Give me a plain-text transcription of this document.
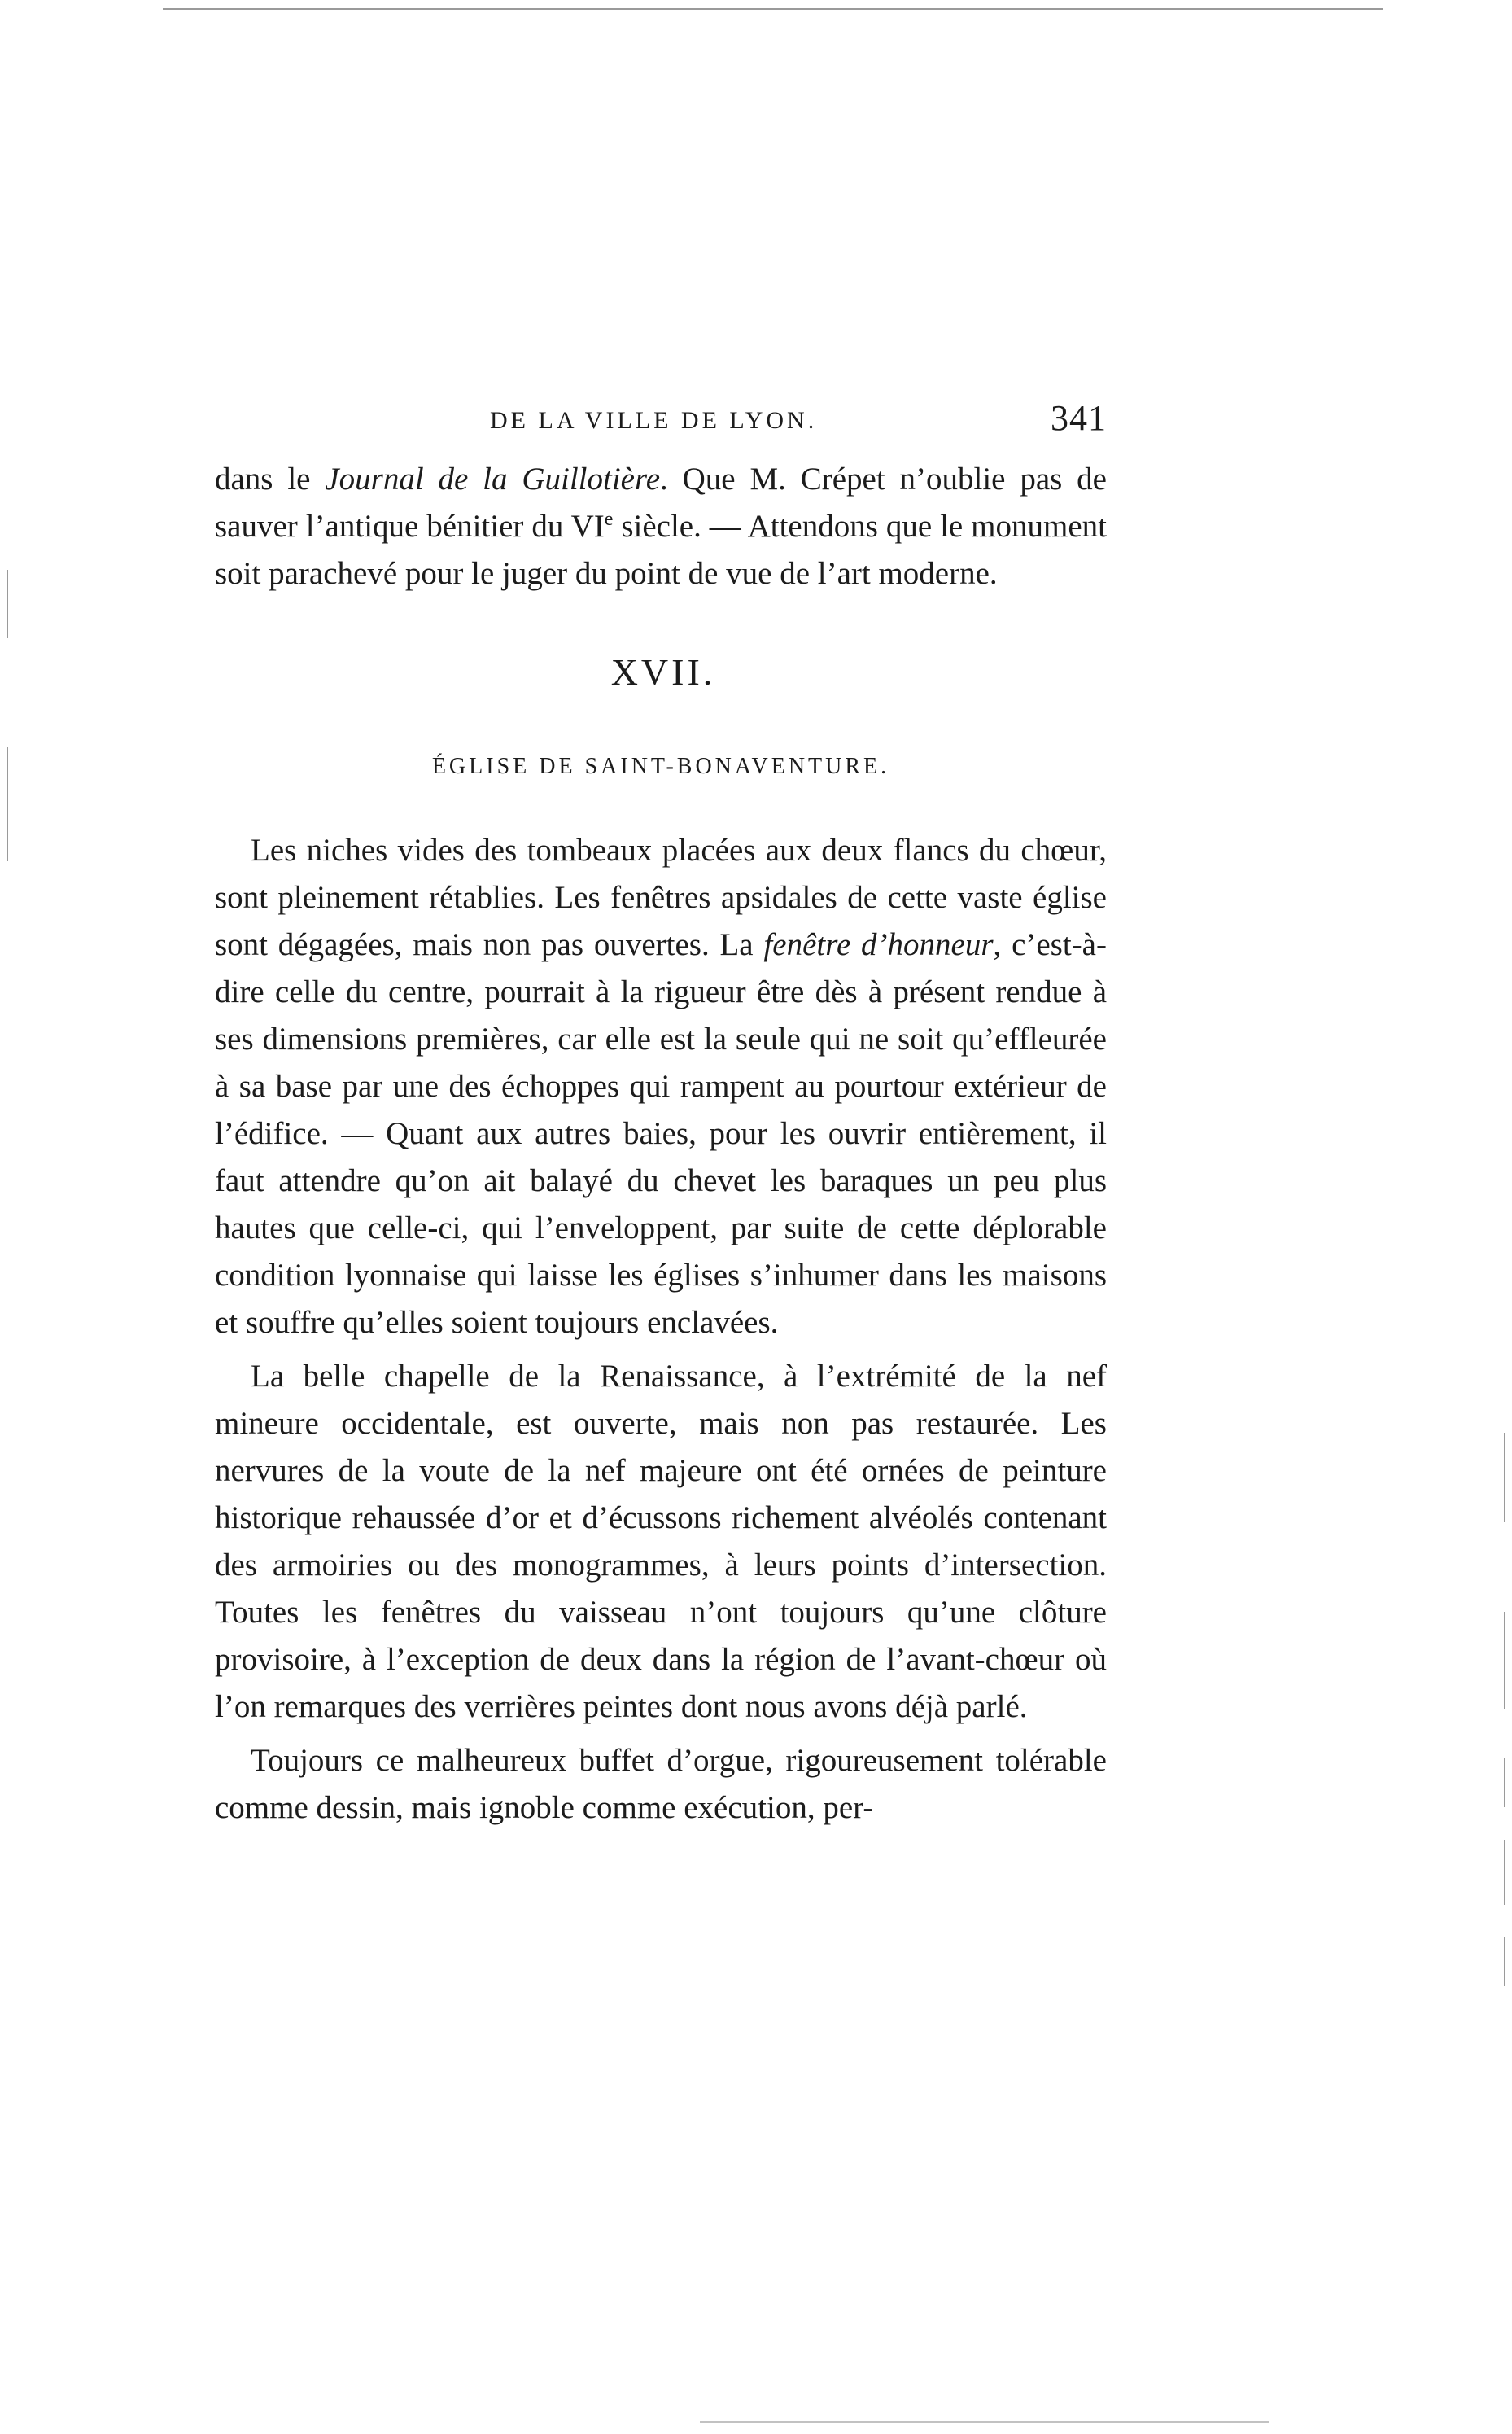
DE LA VILLE DE LYON.	341

dans le Journal de la Guillotière. Que M. Crépet n’oublie pas de sauver l’antique bénitier du VIe siècle. — Attendons que le monument soit parachevé pour le juger du point de vue de l’art moderne.

XVII.

ÉGLISE DE SAINT-BONAVENTURE.

Les niches vides des tombeaux placées aux deux flancs du chœur, sont pleinement rétablies. Les fenêtres apsidales de cette vaste église sont dégagées, mais non pas ouvertes. La fenêtre d’honneur, c’est-à-dire celle du centre, pourrait à la rigueur être dès à présent rendue à ses dimensions premières, car elle est la seule qui ne soit qu’effleurée à sa base par une des échoppes qui rampent au pourtour extérieur de l’édifice. — Quant aux autres baies, pour les ouvrir entièrement, il faut attendre qu’on ait balayé du chevet les baraques un peu plus hautes que celle-ci, qui l’enveloppent, par suite de cette déplorable condition lyonnaise qui laisse les églises s’inhumer dans les maisons et souffre qu’elles soient toujours enclavées.

La belle chapelle de la Renaissance, à l’extrémité de la nef mineure occidentale, est ouverte, mais non pas restaurée. Les nervures de la voute de la nef majeure ont été ornées de peinture historique rehaussée d’or et d’écussons richement alvéolés contenant des armoiries ou des monogrammes, à leurs points d’intersection. Toutes les fenêtres du vaisseau n’ont toujours qu’une clôture provisoire, à l’exception de deux dans la région de l’avant-chœur où l’on remarques des verrières peintes dont nous avons déjà parlé.

Toujours ce malheureux buffet d’orgue, rigoureusement tolérable comme dessin, mais ignoble comme exécution, per-
